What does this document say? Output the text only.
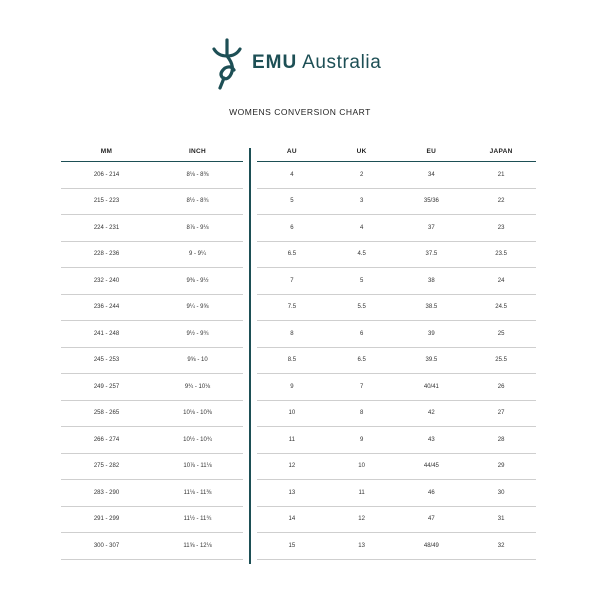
EMU Australia
WOMENS CONVERSION CHART
MM	INCH
206 - 214	8⅛ - 8⅜
215 - 223	8½ - 8¾
224 - 231	8⅞ - 9⅛
228 - 236	9 - 9¼
232 - 240	9⅜ - 9½
236 - 244	9¼ - 9⅝
241 - 248	9½ - 9¾
245 - 253	9⅝ - 10
249 - 257	9¾ - 10⅛
258 - 265	10⅛ - 10⅜
266 - 274	10½ - 10¾
275 - 282	10⅞ - 11⅛
283 - 290	11⅛ - 11⅜
291 - 299	11½ - 11¾
300 - 307	11⅝ - 12⅛
AU	UK	EU	JAPAN
4	2	34	21
5	3	35/36	22
6	4	37	23
6.5	4.5	37.5	23.5
7	5	38	24
7.5	5.5	38.5	24.5
8	6	39	25
8.5	6.5	39.5	25.5
9	7	40/41	26
10	8	42	27
11	9	43	28
12	10	44/45	29
13	11	46	30
14	12	47	31
15	13	48/49	32
